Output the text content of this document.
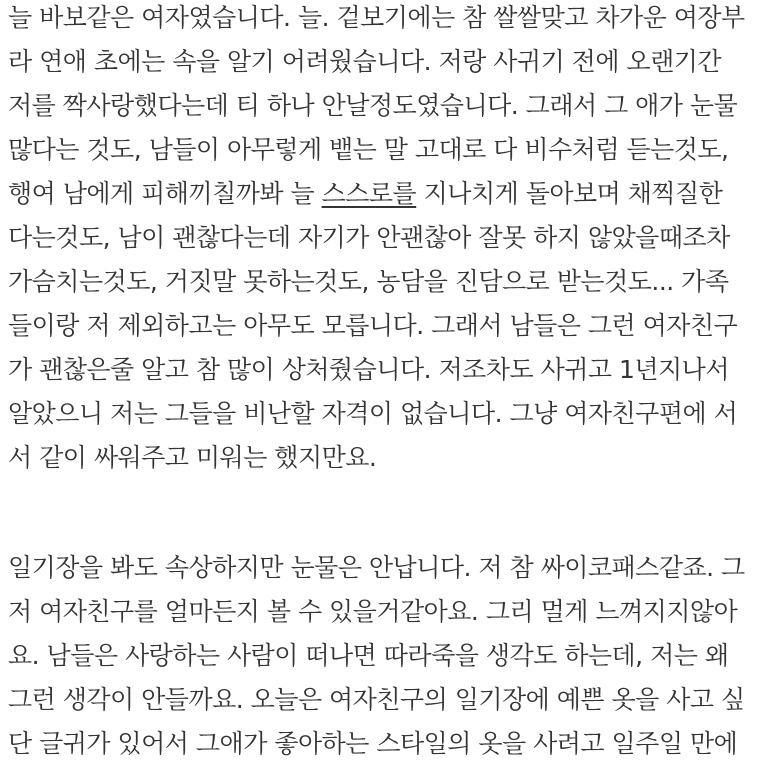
늘 바보같은 여자였습니다. 늘. 겉보기에는 참 쌀쌀맞고 차가운 여장부
라 연애 초에는 속을 알기 어려웠습니다. 저랑 사귀기 전에 오랜기간
저를 짝사랑했다는데 티 하나 안날정도였습니다. 그래서 그 애가 눈물
많다는 것도, 남들이 아무렇게 뱉는 말 고대로 다 비수처럼 듣는것도,
행여 남에게 피해끼칠까봐 늘 스스로를 지나치게 돌아보며 채찍질한
다는것도, 남이 괜찮다는데 자기가 안괜찮아 잘못 하지 않았을때조차
가슴치는것도, 거짓말 못하는것도, 농담을 진담으로 받는것도... 가족
들이랑 저 제외하고는 아무도 모릅니다. 그래서 남들은 그런 여자친구
가 괜찮은줄 알고 참 많이 상처줬습니다. 저조차도 사귀고 1년지나서
알았으니 저는 그들을 비난할 자격이 없습니다. 그냥 여자친구편에 서
서 같이 싸워주고 미워는 했지만요.
일기장을 봐도 속상하지만 눈물은 안납니다. 저 참 싸이코패스같죠. 그
저 여자친구를 얼마든지 볼 수 있을거같아요. 그리 멀게 느껴지지않아
요. 남들은 사랑하는 사람이 떠나면 따라죽을 생각도 하는데, 저는 왜
그런 생각이 안들까요. 오늘은 여자친구의 일기장에 예쁜 옷을 사고 싶
단 글귀가 있어서 그애가 좋아하는 스타일의 옷을 사려고 일주일 만에
